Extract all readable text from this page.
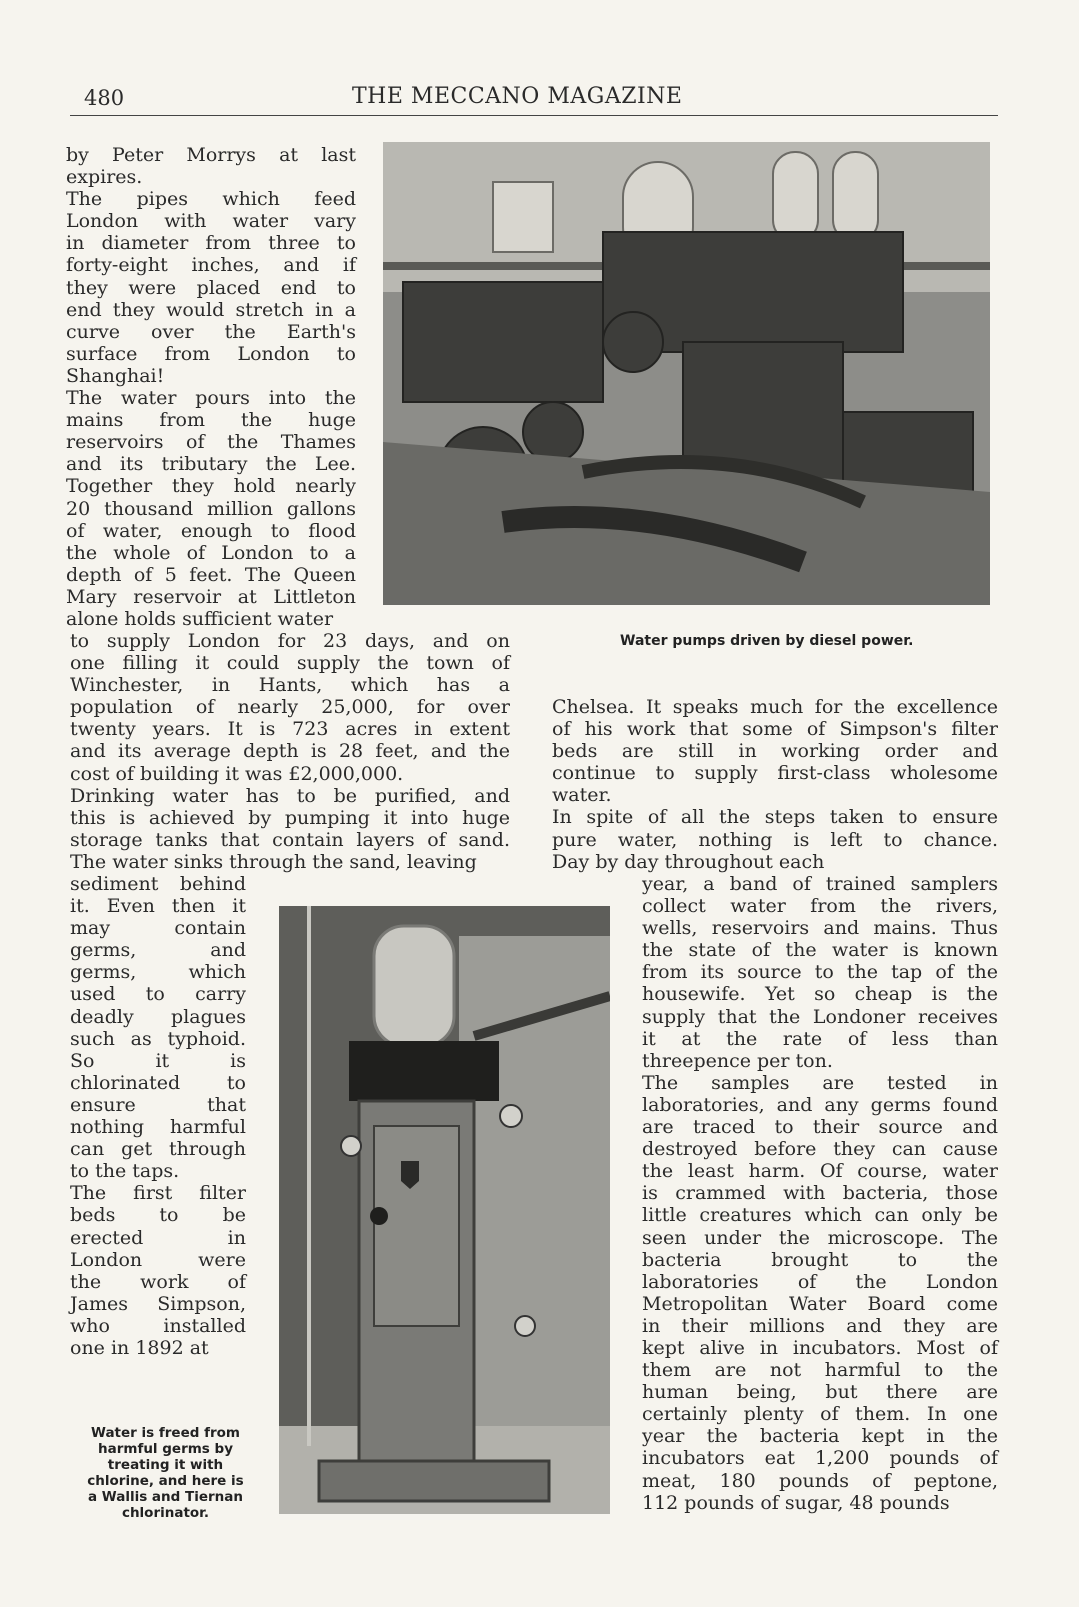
480	THE MECCANO MAGAZINE
by Peter Morrys at last
expires.
The pipes which feed
London with water vary
in diameter from three to
forty-eight inches, and if
they were placed end to
end they would stretch in a
curve over the Earth's
surface from London to
Shanghai!
The water pours into the
mains from the huge
reservoirs of the Thames
and its tributary the Lee.
Together they hold nearly
20 thousand million gallons
of water, enough to flood
the whole of London to a
depth of 5 feet. The Queen
Mary reservoir at Littleton
alone holds sufficient water
to supply London for 23 days, and on
one filling it could supply the town of
Winchester, in Hants, which has a
population of nearly 25,000, for over
twenty years. It is 723 acres in extent
and its average depth is 28 feet, and the
cost of building it was £2,000,000.
Drinking water has to be purified, and
this is achieved by pumping it into huge
storage tanks that contain layers of sand.
The water sinks through the sand, leaving
sediment behind
it. Even then it
may contain
germs, and
germs, which
used to carry
deadly plagues
such as typhoid.
So it is
chlorinated to
ensure that
nothing harmful
can get through
to the taps.
The first filter
beds to be
erected in
London were
the work of
James Simpson,
who installed
one in 1892 at
Chelsea. It speaks much for the excellence
of his work that some of Simpson's filter
beds are still in working order and
continue to supply first-class wholesome
water.
In spite of all the steps taken to ensure
pure water, nothing is left to chance.
Day by day throughout each
year, a band of trained samplers
collect water from the rivers,
wells, reservoirs and mains. Thus
the state of the water is known
from its source to the tap of the
housewife. Yet so cheap is the
supply that the Londoner receives
it at the rate of less than
threepence per ton.
The samples are tested in
laboratories, and any germs found
are traced to their source and
destroyed before they can cause
the least harm. Of course, water
is crammed with bacteria, those
little creatures which can only be
seen under the microscope. The
bacteria brought to the
laboratories of the London
Metropolitan Water Board come
in their millions and they are
kept alive in incubators. Most of
them are not harmful to the
human being, but there are
certainly plenty of them. In one
year the bacteria kept in the
incubators eat 1,200 pounds of
meat, 180 pounds of peptone,
112 pounds of sugar, 48 pounds
Water pumps driven by diesel power.
Water is freed from
harmful germs by
treating it with
chlorine, and here is
a Wallis and Tiernan
chlorinator.
